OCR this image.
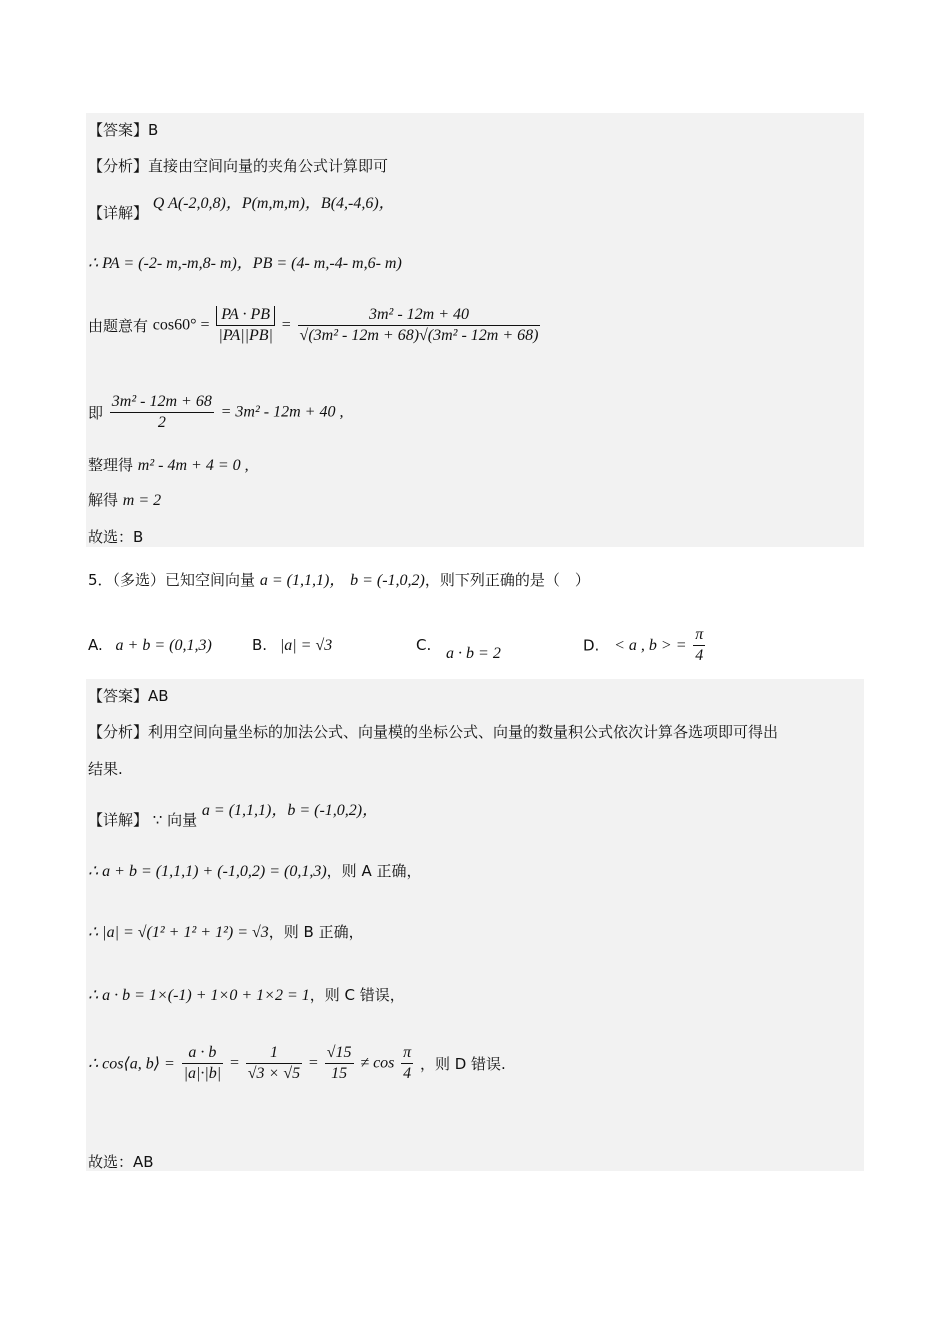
【答案】B
【分析】直接由空间向量的夹角公式计算即可
【详解】 Q A(-2,0,8)，P(m,m,m)，B(4,-4,6)，
∴ PA = (-2- m,-m,8- m)，PB = (4- m,-4- m,6- m)
由题意有 $\cos 60^\circ = \frac{PA \cdot PB}{|PA||PB|} = \frac{\text{3m² - 12m + 40}}{\text{√(3m² - 12m + 68)√(3m² - 12m + 68)}}$
即 $\frac{\text{3m² - 12m + 68}}{2} = 3m^2 - 12m + 40$ ,
整理得 m² - 4m + 4 = 0 ,
解得 m = 2
故选：B
5．（多选）已知空间向量 a = (1,1,1)， b = (-1,0,2)，则下列正确的是（　）
A. a + b = (0,1,3)	B. |a| = √3	C. a · b = 2	D. < a , b > = $\frac{\pi}{4}$
【答案】AB
【分析】利用空间向量坐标的加法公式、向量模的坐标公式、向量的数量积公式依次计算各选项即可得出
结果.
【详解】 ∵ 向量 a = (1,1,1)，b = (-1,0,2)，
∴ a + b = (1,1,1) + (-1,0,2) = (0,1,3)，则 A 正确，
∴ |a| = √(1² + 1² + 1²) = √3，则 B 正确，
∴ a · b = 1×(-1) + 1×0 + 1×2 = 1，则 C 错误，
∴ cos⟨a, b⟩ = $\frac{a \cdot b}{|a|\cdot|b|} = \frac{1}{√3 \times √5} = \frac{√15}{15} \ne \cos \frac{\pi}{4}$ ，则 D 错误.
故选：AB
